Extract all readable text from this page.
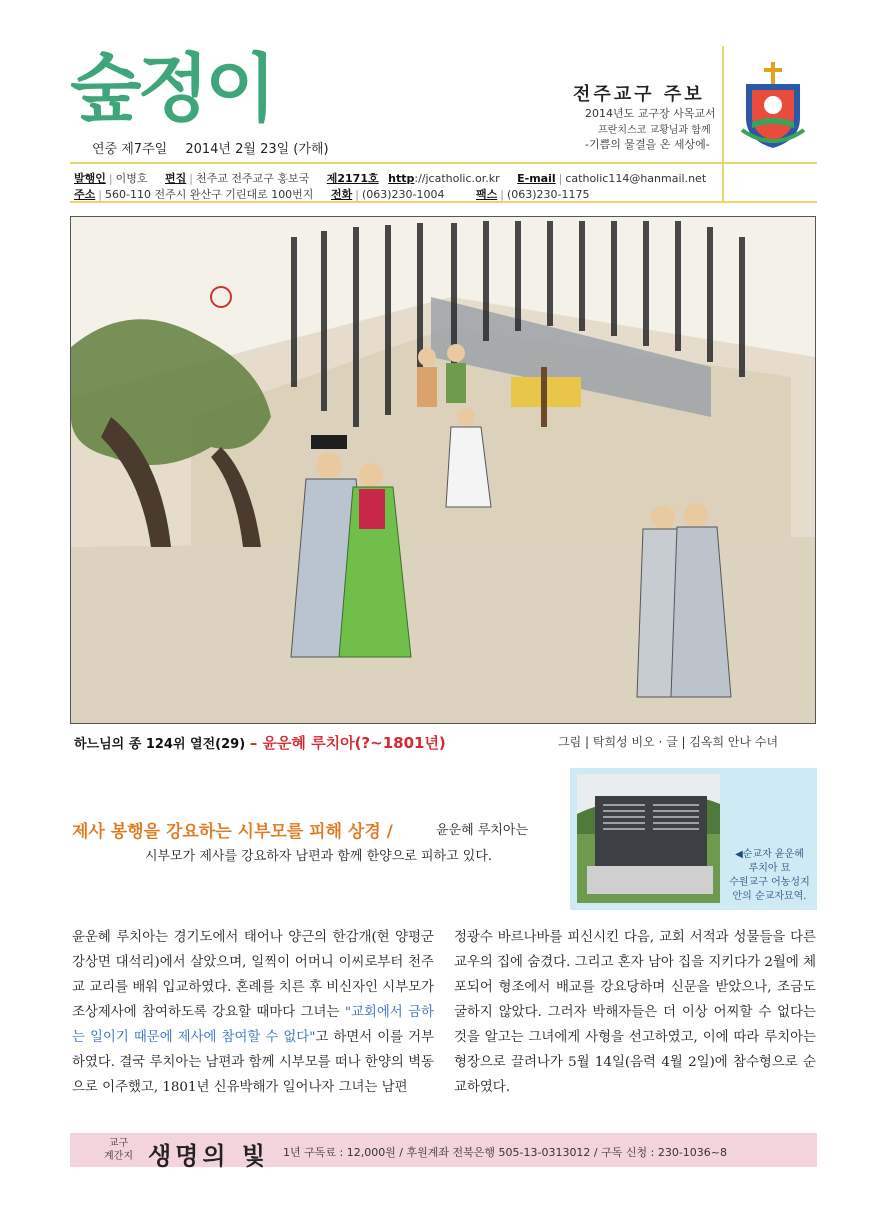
숲정이
연중 제7주일 2014년 2월 23일 (가해)
전주교구 주보
2014년도 교구장 사목교서
프란치스코 교황님과 함께
-기쁨의 물결을 온 세상에-
발행인 | 이병호 편집 | 천주교 전주교구 홍보국 제2171호 http://jcatholic.or.kr E-mail | catholic114@hanmail.net
주소 | 560-110 전주시 완산구 기린대로 100번지 전화 | (063)230-1004	팩스 | (063)230-1175
하느님의 종 124위 열전(29) – 윤운혜 루치아(?~1801년)	그림 | 탁희성 비오 · 글 | 김옥희 안나 수녀
제사 봉행을 강요하는 시부모를 피해 상경 /	윤운혜 루치아는
시부모가 제사를 강요하자 남편과 함께 한양으로 피하고 있다.	◀순교자 윤운혜
루치아 묘
수원교구 어농성지
안의 순교자묘역.
윤운혜 루치아는 경기도에서 태어나 양근의 한감개(현 양평군 강상면 대석리)에서 살았으며, 일찍이 어머니 이씨로부터 천주교 교리를 배워 입교하였다. 혼례를 치른 후 비신자인 시부모가 조상제사에 참여하도록 강요할 때마다 그녀는 "교회에서 금하는 일이기 때문에 제사에 참여할 수 없다"고 하면서 이를 거부하였다. 결국 루치아는 남편과 함께 시부모를 떠나 한양의 벽동으로 이주했고, 1801년 신유박해가 일어나자 그녀는 남편
정광수 바르나바를 피신시킨 다음, 교회 서적과 성물들을 다른 교우의 집에 숨겼다. 그리고 혼자 남아 집을 지키다가 2월에 체포되어 형조에서 배교를 강요당하며 신문을 받았으나, 조금도 굴하지 않았다. 그러자 박해자들은 더 이상 어찌할 수 없다는 것을 알고는 그녀에게 사형을 선고하였고, 이에 따라 루치아는 형장으로 끌려나가 5월 14일(음력 4월 2일)에 참수형으로 순교하였다.
교구
계간지 생명의 빛 1년 구독료 : 12,000원 / 후원계좌 전북은행 505-13-0313012 / 구독 신청 : 230-1036~8
